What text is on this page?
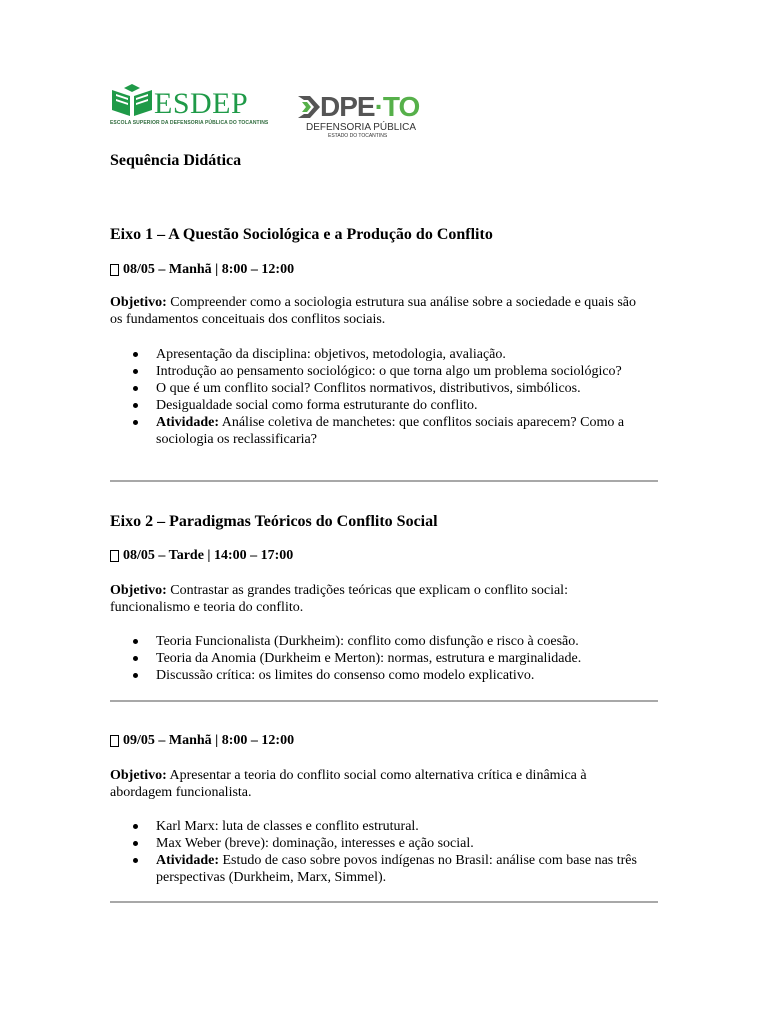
ESDEP
ESCOLA SUPERIOR DA DEFENSORIA PÚBLICA DO TOCANTINS
DPE·TO
DEFENSORIA PÚBLICA
ESTADO DO TOCANTINS
Sequência Didática
Eixo 1 – A Questão Sociológica e a Produção do Conflito
08/05 – Manhã | 8:00 – 12:00
Objetivo: Compreender como a sociologia estrutura sua análise sobre a sociedade e quais são os fundamentos conceituais dos conflitos sociais.
Apresentação da disciplina: objetivos, metodologia, avaliação.
Introdução ao pensamento sociológico: o que torna algo um problema sociológico?
O que é um conflito social? Conflitos normativos, distributivos, simbólicos.
Desigualdade social como forma estruturante do conflito.
Atividade: Análise coletiva de manchetes: que conflitos sociais aparecem? Como a sociologia os reclassificaria?
Eixo 2 – Paradigmas Teóricos do Conflito Social
08/05 – Tarde | 14:00 – 17:00
Objetivo: Contrastar as grandes tradições teóricas que explicam o conflito social: funcionalismo e teoria do conflito.
Teoria Funcionalista (Durkheim): conflito como disfunção e risco à coesão.
Teoria da Anomia (Durkheim e Merton): normas, estrutura e marginalidade.
Discussão crítica: os limites do consenso como modelo explicativo.
09/05 – Manhã | 8:00 – 12:00
Objetivo: Apresentar a teoria do conflito social como alternativa crítica e dinâmica à abordagem funcionalista.
Karl Marx: luta de classes e conflito estrutural.
Max Weber (breve): dominação, interesses e ação social.
Atividade: Estudo de caso sobre povos indígenas no Brasil: análise com base nas três perspectivas (Durkheim, Marx, Simmel).
